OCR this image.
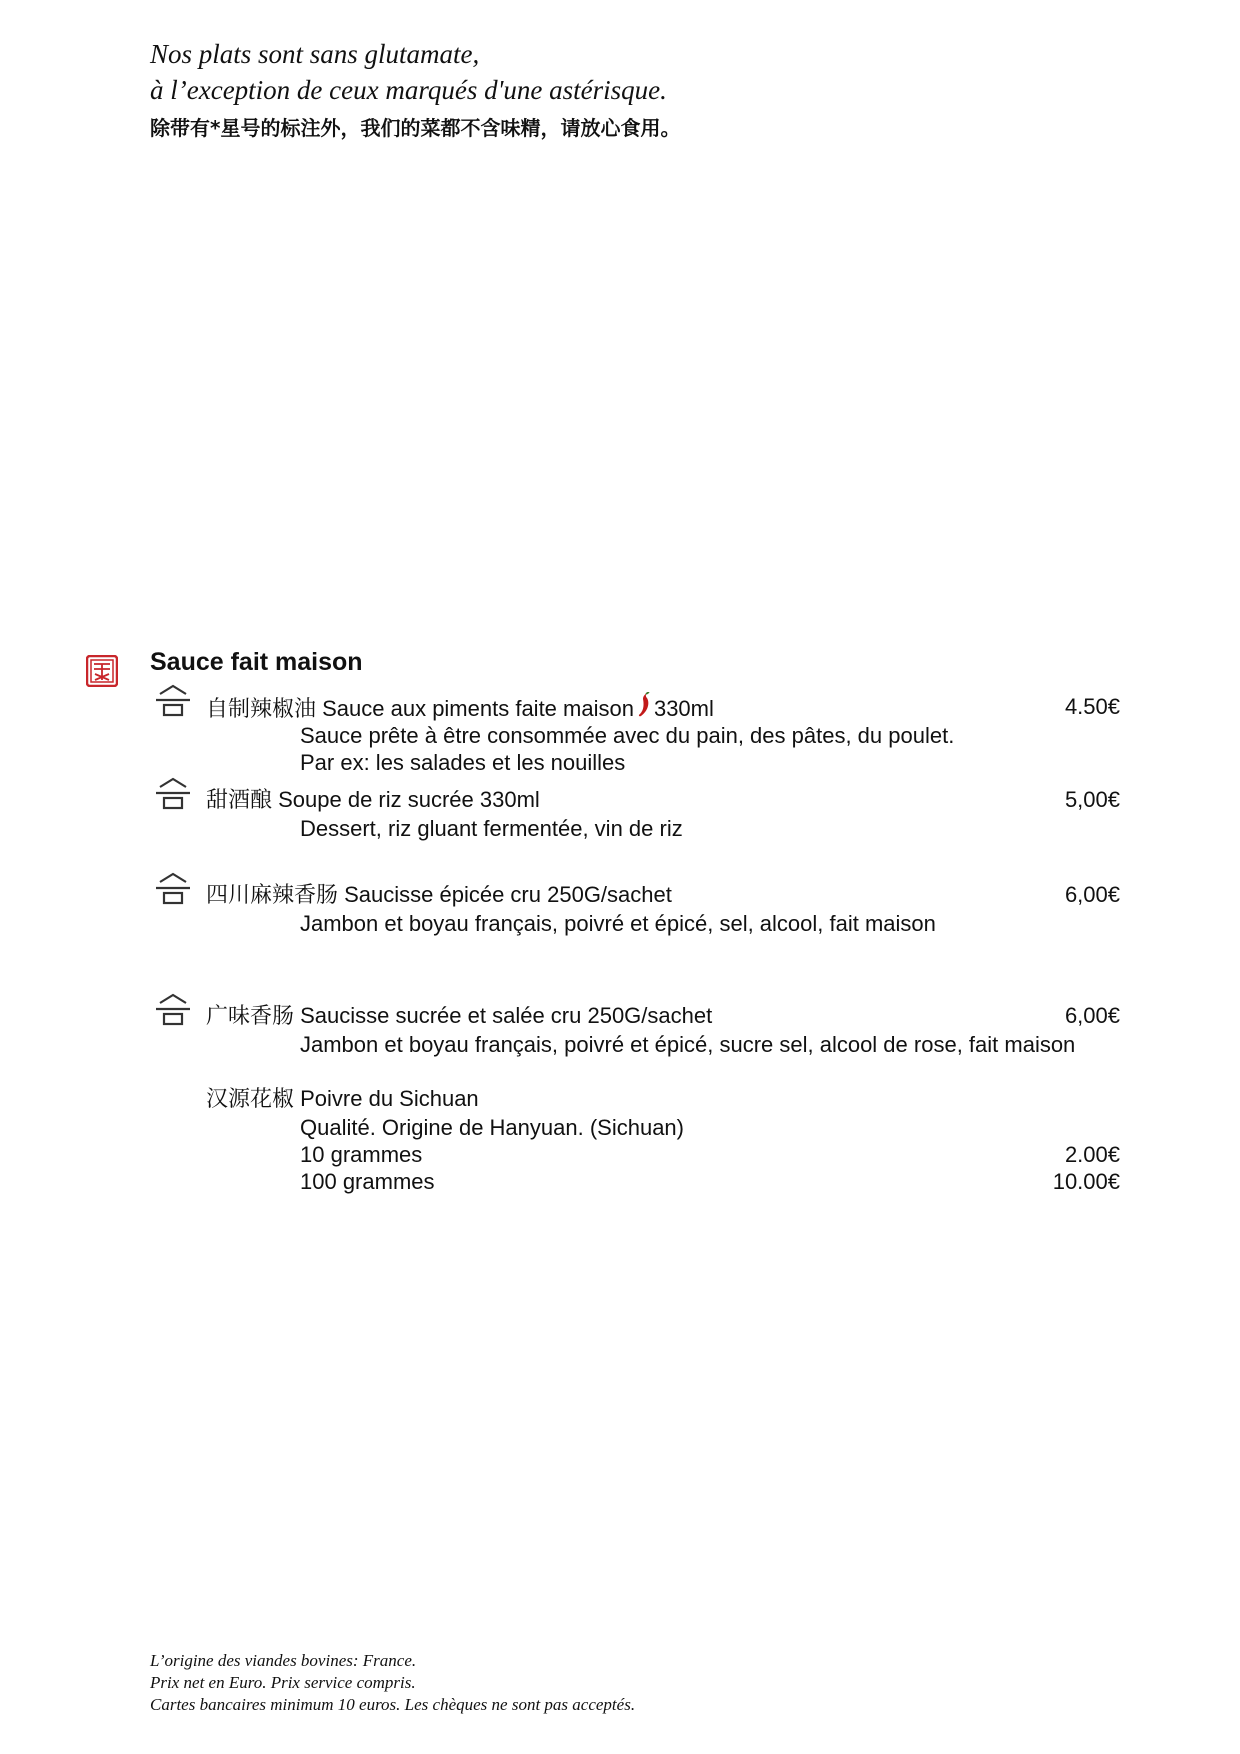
Nos plats sont sans glutamate,
à l’exception de ceux marqués d'une astérisque.
除带有*星号的标注外，我们的菜都不含味精，请放心食用。
Sauce fait maison
自制辣椒油 Sauce aux piments faite maison 330ml	4.50€
Sauce prête à être consommée avec du pain, des pâtes, du poulet.
Par ex: les salades et les nouilles
甜酒酿 Soupe de riz sucrée 330ml	5,00€
Dessert, riz gluant fermentée, vin de riz
四川麻辣香肠 Saucisse épicée cru 250G/sachet	6,00€
Jambon et boyau français, poivré et épicé, sel, alcool, fait maison
广味香肠 Saucisse sucrée et salée cru 250G/sachet	6,00€
Jambon et boyau français, poivré et épicé, sucre sel, alcool de rose, fait maison
汉源花椒 Poivre du Sichuan
Qualité. Origine de Hanyuan. (Sichuan)
10 grammes	2.00€
100 grammes	10.00€
L’origine des viandes bovines: France.
Prix net en Euro. Prix service compris.
Cartes bancaires minimum 10 euros. Les chèques ne sont pas acceptés.
